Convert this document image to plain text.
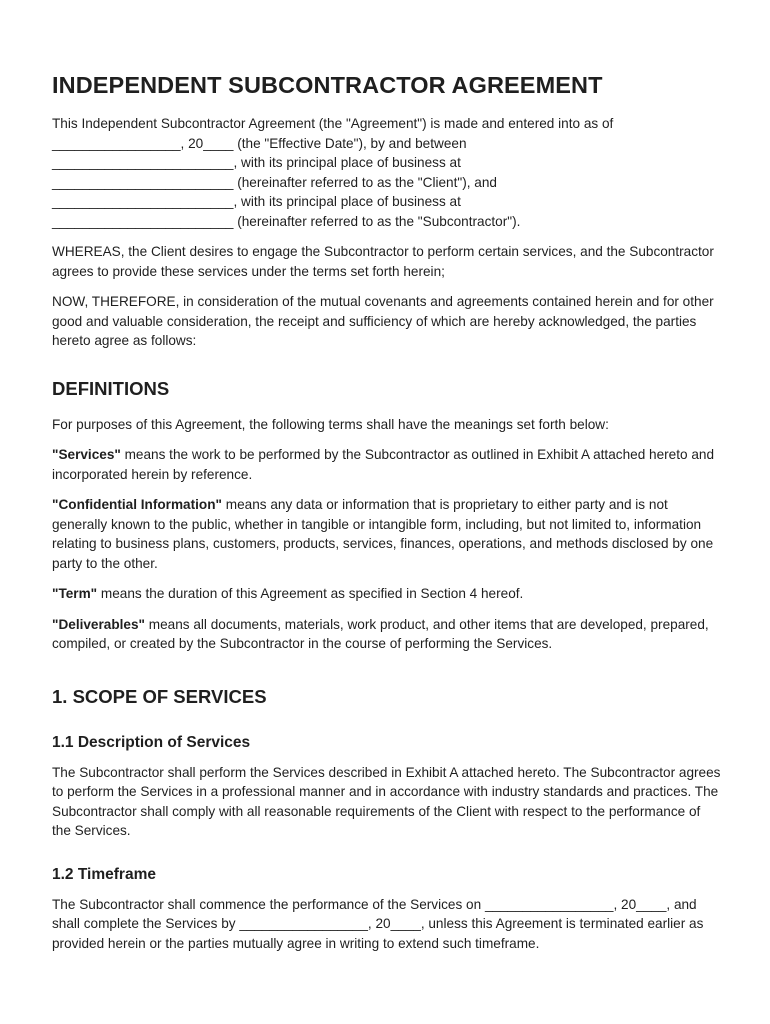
INDEPENDENT SUBCONTRACTOR AGREEMENT

This Independent Subcontractor Agreement (the "Agreement") is made and entered into as of
_________________, 20____ (the "Effective Date"), by and between
________________________, with its principal place of business at
________________________ (hereinafter referred to as the "Client"), and
________________________, with its principal place of business at
________________________ (hereinafter referred to as the "Subcontractor").

WHEREAS, the Client desires to engage the Subcontractor to perform certain services, and the Subcontractor agrees to provide these services under the terms set forth herein;

NOW, THEREFORE, in consideration of the mutual covenants and agreements contained herein and for other good and valuable consideration, the receipt and sufficiency of which are hereby acknowledged, the parties hereto agree as follows:

DEFINITIONS

For purposes of this Agreement, the following terms shall have the meanings set forth below:

"Services" means the work to be performed by the Subcontractor as outlined in Exhibit A attached hereto and incorporated herein by reference.

"Confidential Information" means any data or information that is proprietary to either party and is not generally known to the public, whether in tangible or intangible form, including, but not limited to, information relating to business plans, customers, products, services, finances, operations, and methods disclosed by one party to the other.

"Term" means the duration of this Agreement as specified in Section 4 hereof.

"Deliverables" means all documents, materials, work product, and other items that are developed, prepared, compiled, or created by the Subcontractor in the course of performing the Services.

1. SCOPE OF SERVICES
1.1 Description of Services

The Subcontractor shall perform the Services described in Exhibit A attached hereto. The Subcontractor agrees to perform the Services in a professional manner and in accordance with industry standards and practices. The Subcontractor shall comply with all reasonable requirements of the Client with respect to the performance of the Services.

1.2 Timeframe

The Subcontractor shall commence the performance of the Services on _________________, 20____, and shall complete the Services by _________________, 20____, unless this Agreement is terminated earlier as provided herein or the parties mutually agree in writing to extend such timeframe.
